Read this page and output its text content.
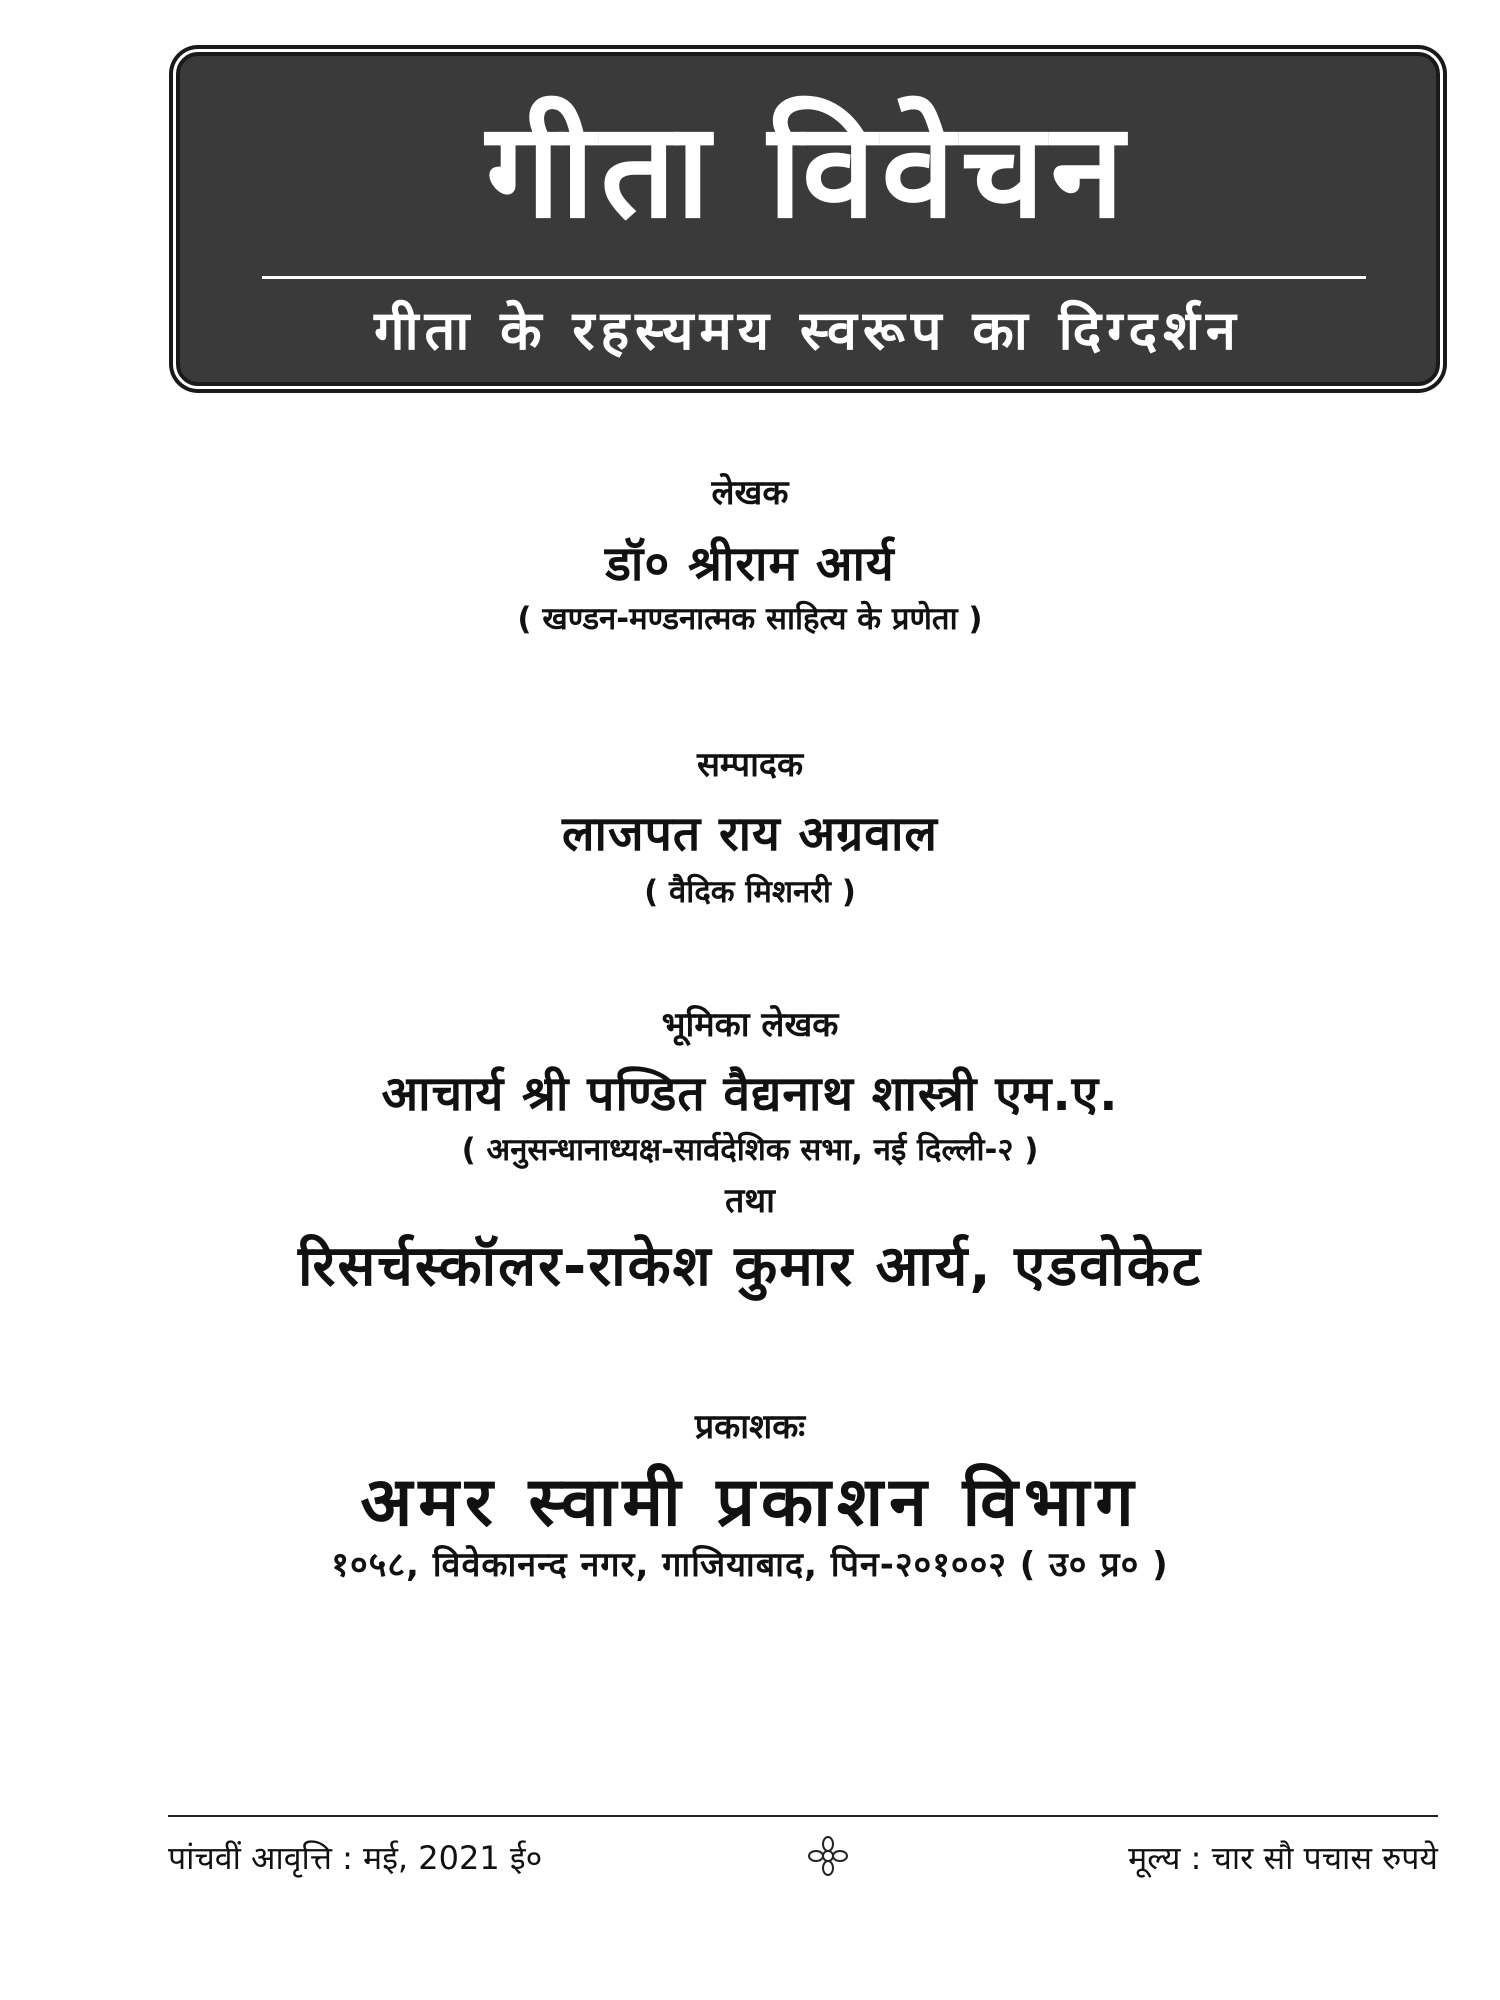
गीता विवेचन
गीता के रहस्यमय स्वरूप का दिग्दर्शन
लेखक
डॉ० श्रीराम आर्य
( खण्डन-मण्डनात्मक साहित्य के प्रणेता )
सम्पादक
लाजपत राय अग्रवाल
( वैदिक मिशनरी )
भूमिका लेखक
आचार्य श्री पण्डित वैद्यनाथ शास्त्री एम.ए.
( अनुसन्धानाध्यक्ष-सार्वदेशिक सभा, नई दिल्ली-२ )
तथा
रिसर्चस्कॉलर-राकेश कुमार आर्य, एडवोकेट
प्रकाशकः
अमर स्वामी प्रकाशन विभाग
१०५८, विवेकानन्द नगर, गाजियाबाद, पिन-२०१००२ ( उ० प्र० )
पांचवीं आवृत्ति : मई, 2021 ई०	मूल्य : चार सौ पचास रुपये
